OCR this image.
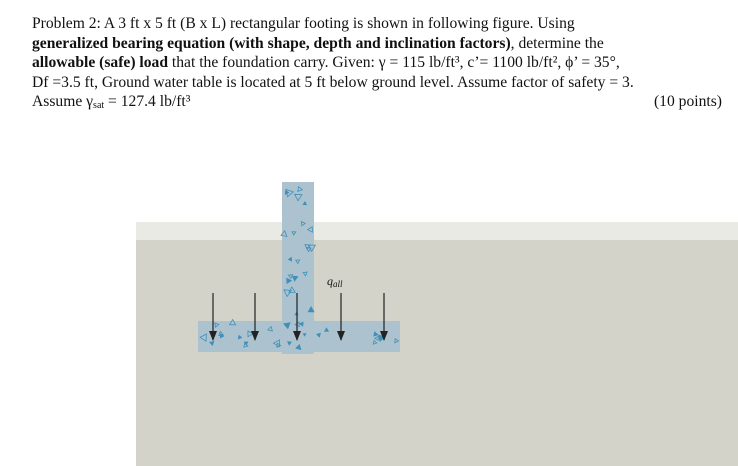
Problem 2: A 3 ft x 5 ft (B x L) rectangular footing is shown in following figure. Using

generalized bearing equation (with shape, depth and inclination factors), determine the

allowable (safe) load that the foundation carry. Given: γ = 115 lb/ft³, c’= 1100 lb/ft², ϕ’ = 35°,

Df =3.5 ft, Ground water table is located at 5 ft below ground level. Assume factor of safety = 3.

Assume γsat = 127.4 lb/ft³	(10 points)

qall
